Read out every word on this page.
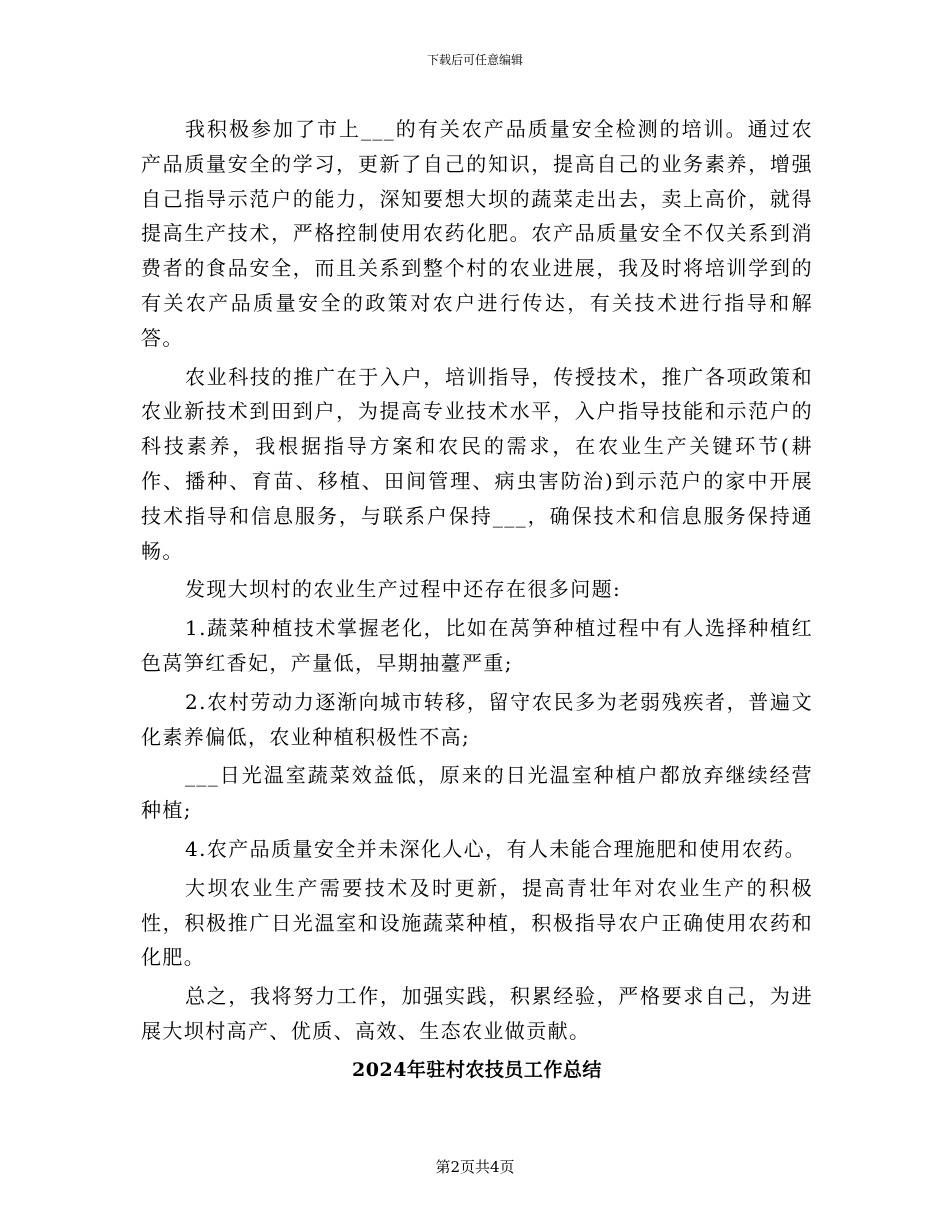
下载后可任意编辑

我积极参加了市上___的有关农产品质量安全检测的培训。通过农产品质量安全的学习，更新了自己的知识，提高自己的业务素养，增强自己指导示范户的能力，深知要想大坝的蔬菜走出去，卖上高价，就得提高生产技术，严格控制使用农药化肥。农产品质量安全不仅关系到消费者的食品安全，而且关系到整个村的农业进展，我及时将培训学到的有关农产品质量安全的政策对农户进行传达，有关技术进行指导和解答。

农业科技的推广在于入户，培训指导，传授技术，推广各项政策和农业新技术到田到户，为提高专业技术水平，入户指导技能和示范户的科技素养，我根据指导方案和农民的需求，在农业生产关键环节(耕作、播种、育苗、移植、田间管理、病虫害防治)到示范户的家中开展技术指导和信息服务，与联系户保持___，确保技术和信息服务保持通畅。

发现大坝村的农业生产过程中还存在很多问题:

1.蔬菜种植技术掌握老化，比如在莴笋种植过程中有人选择种植红色莴笋红香妃，产量低，早期抽薹严重;

2.农村劳动力逐渐向城市转移，留守农民多为老弱残疾者，普遍文化素养偏低，农业种植积极性不高;

___日光温室蔬菜效益低，原来的日光温室种植户都放弃继续经营种植;

4.农产品质量安全并未深化人心，有人未能合理施肥和使用农药。

大坝农业生产需要技术及时更新，提高青壮年对农业生产的积极性，积极推广日光温室和设施蔬菜种植，积极指导农户正确使用农药和化肥。

总之，我将努力工作，加强实践，积累经验，严格要求自己，为进展大坝村高产、优质、高效、生态农业做贡献。

2024年驻村农技员工作总结
第2页共4页
